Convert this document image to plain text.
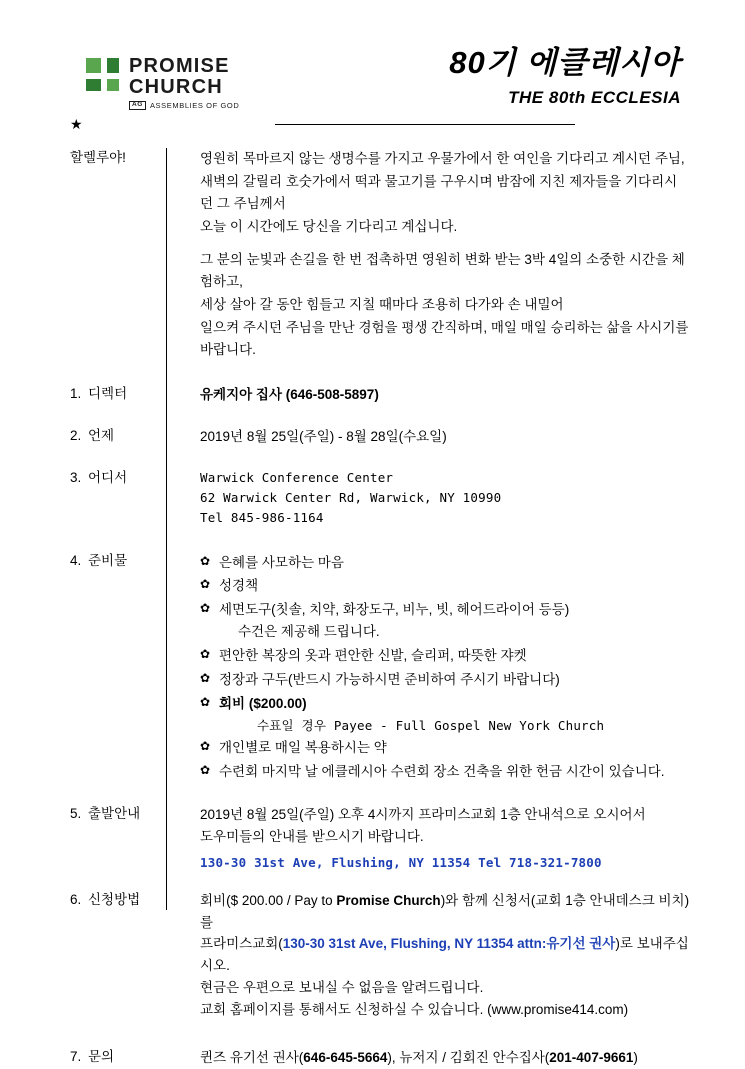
PROMISE
CHURCH
AG ASSEMBLIES OF GOD
80기 에클레시아
THE 80th ECCLESIA
★
할렐루야!	영원히 목마르지 않는 생명수를 가지고 우물가에서 한 여인을 기다리고 계시던 주님,
새벽의 갈릴리 호숫가에서 떡과 물고기를 구우시며 밤잠에 지친 제자들을 기다리시던 그 주님께서
오늘 이 시간에도 당신을 기다리고 계십니다.
그 분의 눈빛과 손길을 한 번 접촉하면 영원히 변화 받는 3박 4일의 소중한 시간을 체험하고,
세상 살아 갈 동안 힘들고 지칠 때마다 조용히 다가와 손 내밀어
일으켜 주시던 주님을 만난 경험을 평생 간직하며, 매일 매일 승리하는 삶을 사시기를 바랍니다.
1. 디렉터	유케지아 집사 (646-508-5897)
2. 언제	2019년 8월 25일(주일) - 8월 28일(수요일)
3. 어디서	Warwick Conference Center
62 Warwick Center Rd, Warwick, NY 10990
Tel 845-986-1164
4. 준비물	✿ 은혜를 사모하는 마음
✿ 성경책
✿ 세면도구(칫솔, 치약, 화장도구, 비누, 빗, 헤어드라이어 등등)
수건은 제공해 드립니다.
✿ 편안한 복장의 옷과 편안한 신발, 슬리퍼, 따뜻한 쟈켓
✿ 정장과 구두(반드시 가능하시면 준비하여 주시기 바랍니다)
✿ 회비 ($200.00)
수표일 경우 Payee - Full Gospel New York Church
✿ 개인별로 매일 복용하시는 약
✿ 수련회 마지막 날 에클레시아 수련회 장소 건축을 위한 헌금 시간이 있습니다.
5. 출발안내	2019년 8월 25일(주일) 오후 4시까지 프라미스교회 1층 안내석으로 오시어서
도우미들의 안내를 받으시기 바랍니다.
130-30 31st Ave, Flushing, NY 11354 Tel 718-321-7800
6. 신청방법	회비($ 200.00 / Pay to Promise Church)와 함께 신청서(교회 1층 안내데스크 비치)를
프라미스교회(130-30 31st Ave, Flushing, NY 11354 attn:유기선 권사)로 보내주십시오.
현금은 우편으로 보내실 수 없음을 알려드립니다.
교회 홈페이지를 통해서도 신청하실 수 있습니다. (www.promise414.com)
7. 문의	퀸즈 유기선 권사(646-645-5664), 뉴저지 / 김회진 안수집사(201-407-9661)
